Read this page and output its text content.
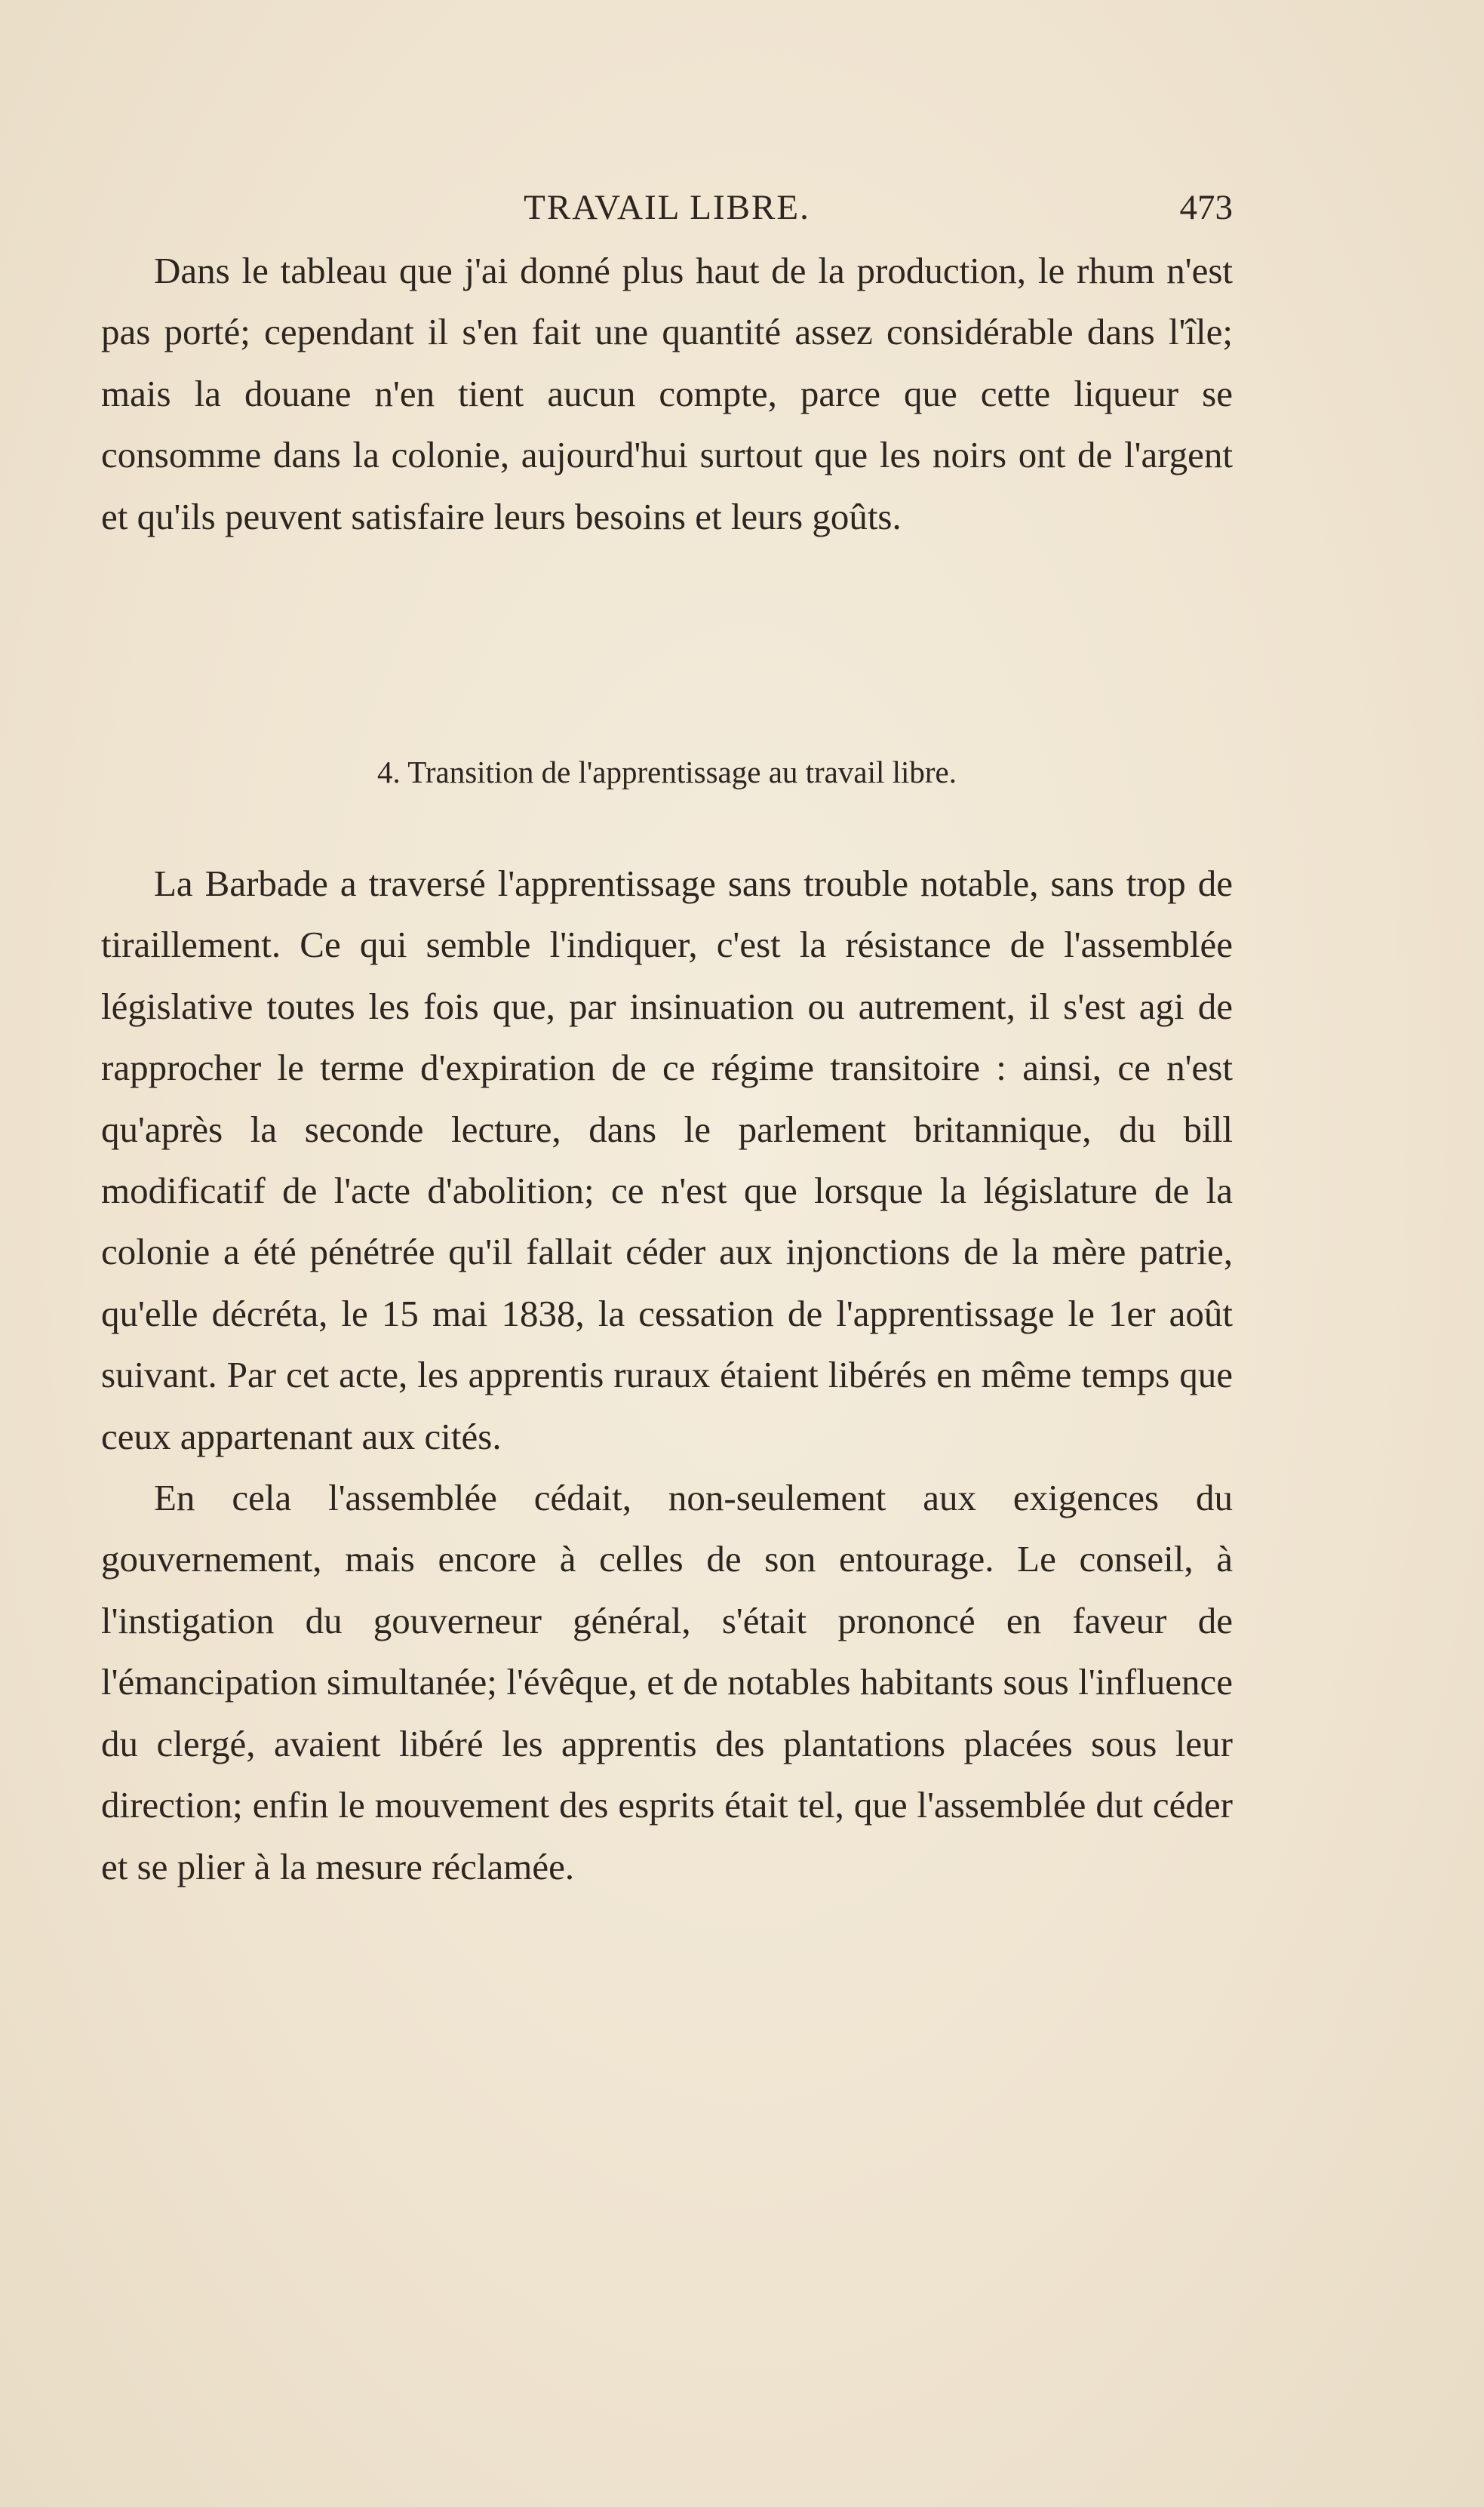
TRAVAIL LIBRE.	473

Dans le tableau que j'ai donné plus haut de la production, le rhum n'est pas porté; cependant il s'en fait une quantité assez considérable dans l'île; mais la douane n'en tient aucun compte, parce que cette liqueur se consomme dans la colonie, aujourd'hui surtout que les noirs ont de l'argent et qu'ils peuvent satisfaire leurs besoins et leurs goûts.

4. Transition de l'apprentissage au travail libre.

La Barbade a traversé l'apprentissage sans trouble notable, sans trop de tiraillement. Ce qui semble l'indiquer, c'est la résistance de l'assemblée législative toutes les fois que, par insinuation ou autrement, il s'est agi de rapprocher le terme d'expiration de ce régime transitoire : ainsi, ce n'est qu'après la seconde lecture, dans le parlement britannique, du bill modificatif de l'acte d'abolition; ce n'est que lorsque la législature de la colonie a été pénétrée qu'il fallait céder aux injonctions de la mère patrie, qu'elle décréta, le 15 mai 1838, la cessation de l'apprentissage le 1er août suivant. Par cet acte, les apprentis ruraux étaient libérés en même temps que ceux appartenant aux cités.

En cela l'assemblée cédait, non-seulement aux exigences du gouvernement, mais encore à celles de son entourage. Le conseil, à l'instigation du gouverneur général, s'était prononcé en faveur de l'émancipation simultanée; l'évêque, et de notables habitants sous l'influence du clergé, avaient libéré les apprentis des plantations placées sous leur direction; enfin le mouvement des esprits était tel, que l'assemblée dut céder et se plier à la mesure réclamée.
